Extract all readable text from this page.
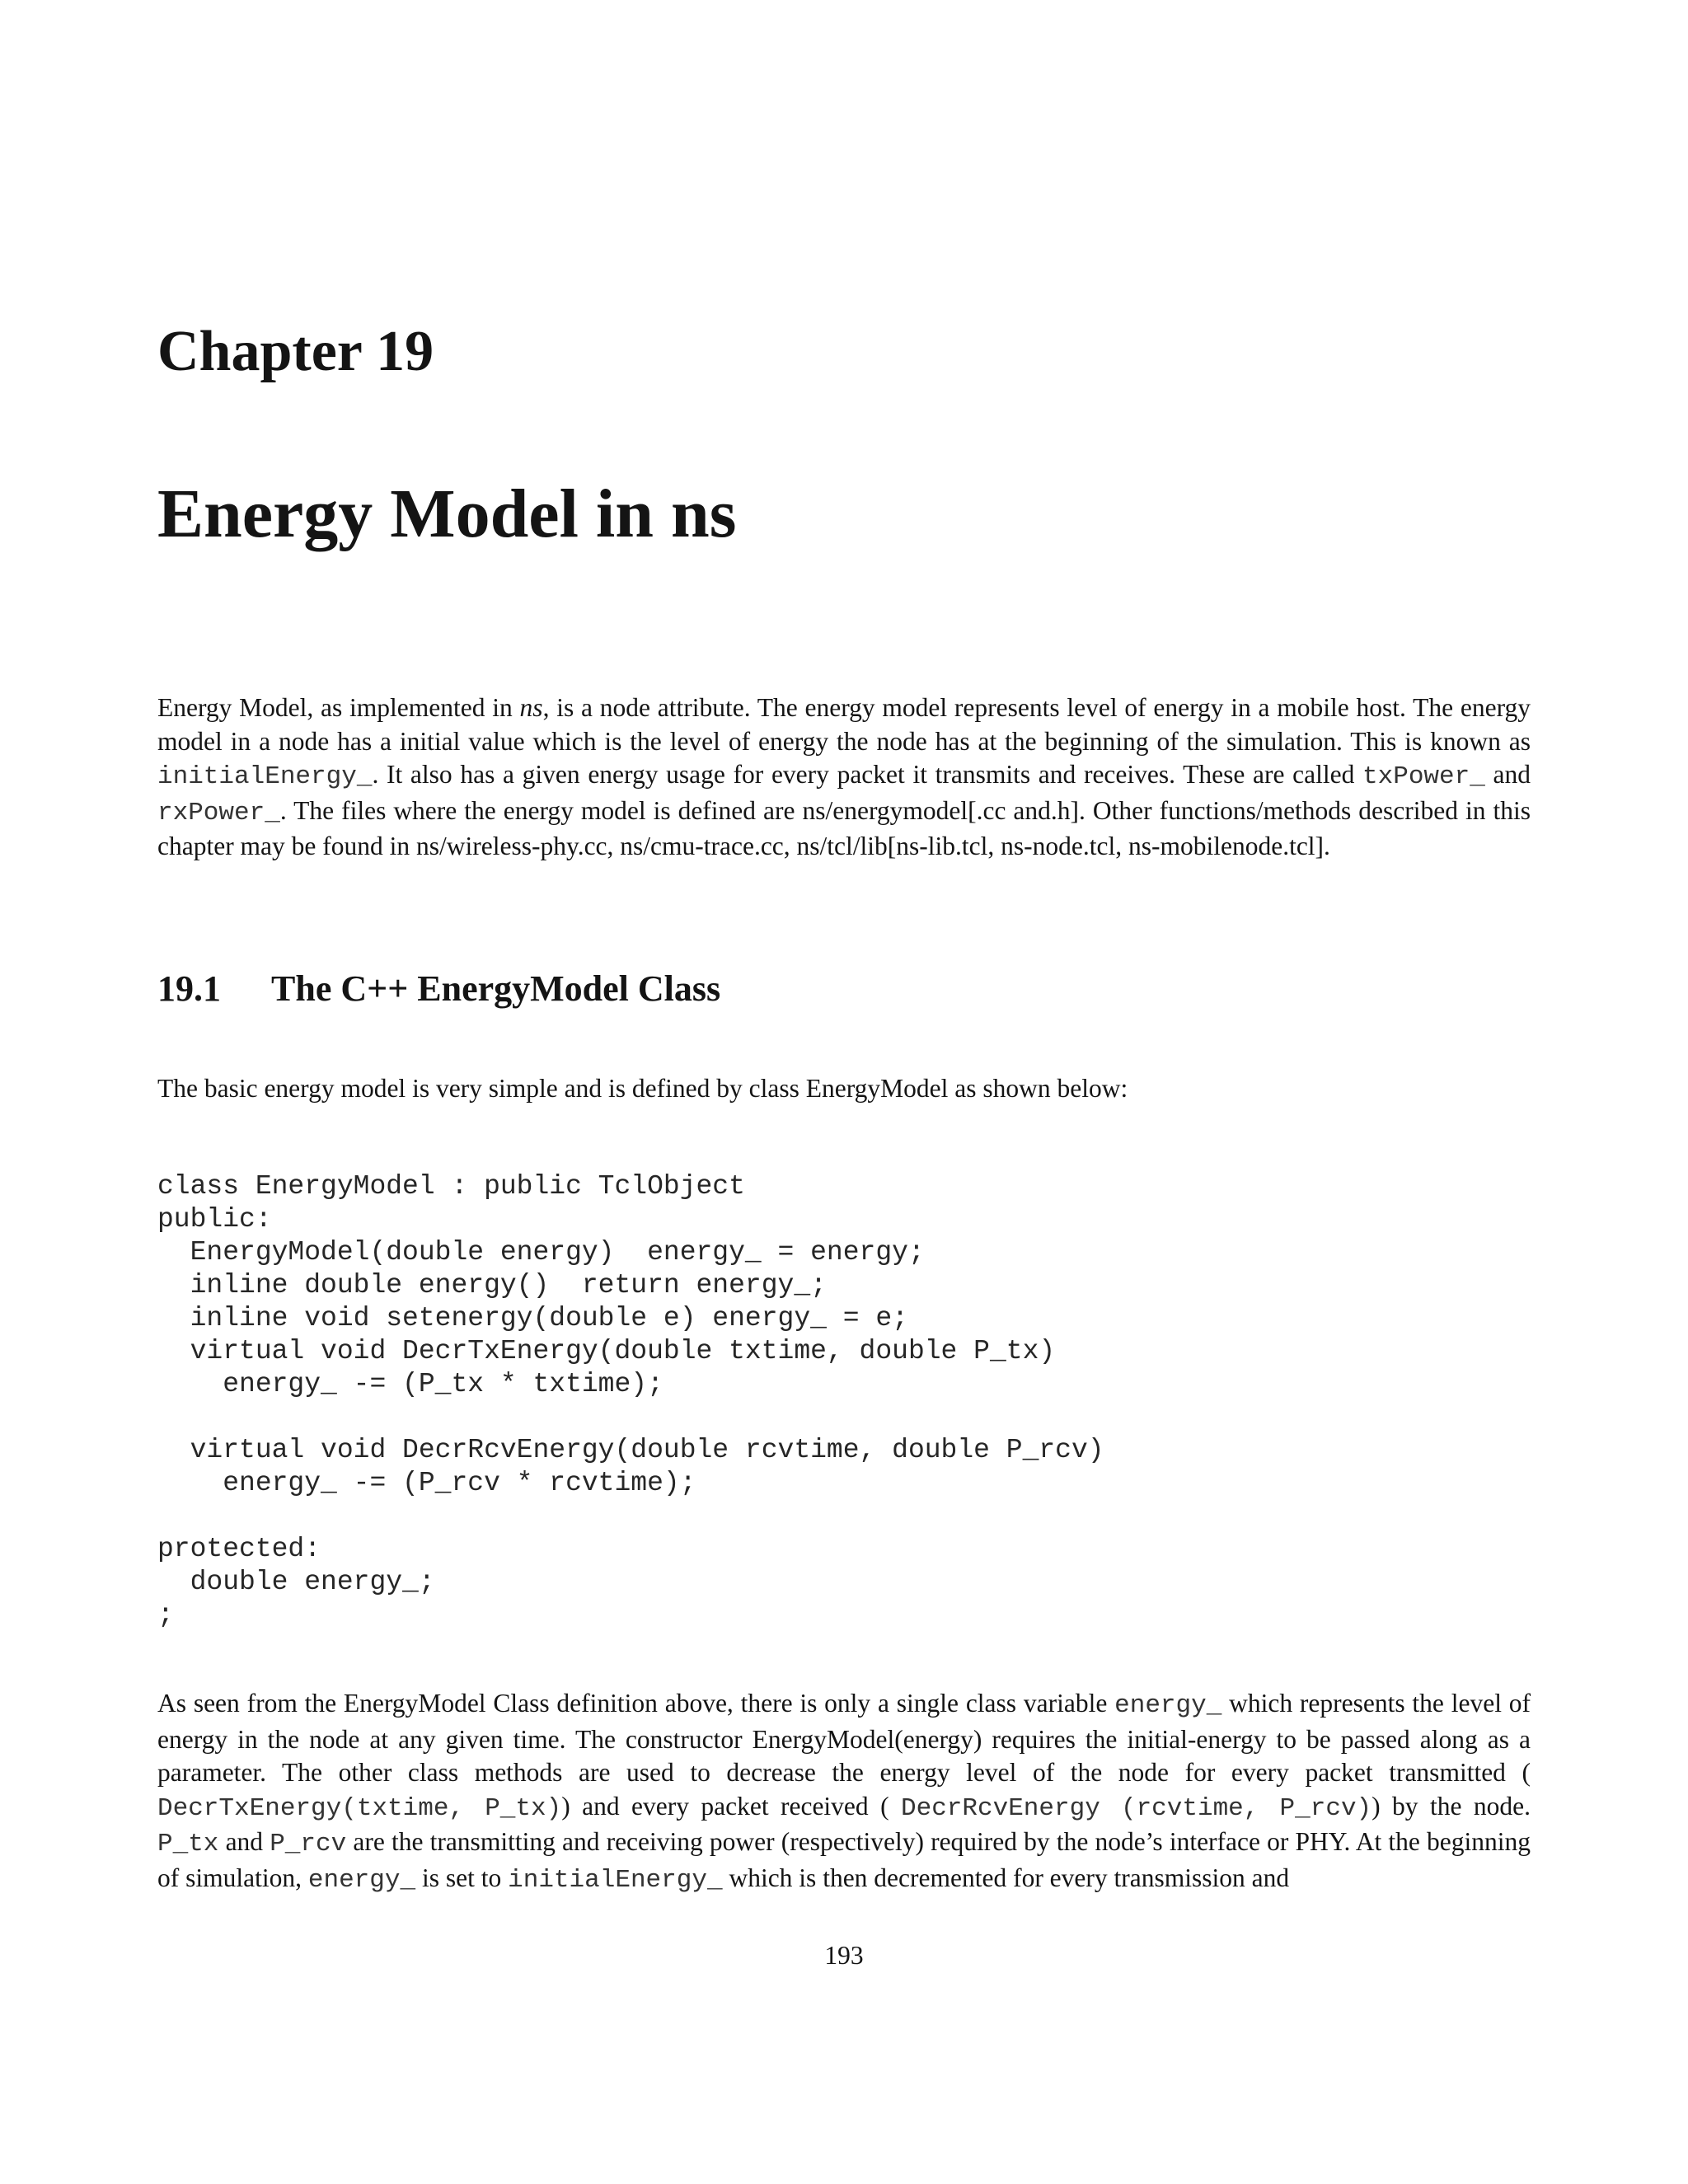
Chapter 19
Energy Model in ns

Energy Model, as implemented in ns, is a node attribute. The energy model represents level of energy in a mobile host. The energy model in a node has a initial value which is the level of energy the node has at the beginning of the simulation. This is known as initialEnergy_. It also has a given energy usage for every packet it transmits and receives. These are called txPower_ and rxPower_. The files where the energy model is defined are ns/energymodel[.cc and.h]. Other functions/methods described in this chapter may be found in ns/wireless-phy.cc, ns/cmu-trace.cc, ns/tcl/lib[ns-lib.tcl, ns-node.tcl, ns-mobilenode.tcl].

19.1 The C++ EnergyModel Class

The basic energy model is very simple and is defined by class EnergyModel as shown below:

class EnergyModel : public TclObject
public:
EnergyModel(double energy)  energy_ = energy;
inline double energy()  return energy_;
inline void setenergy(double e) energy_ = e;
virtual void DecrTxEnergy(double txtime, double P_tx)
energy_ -= (P_tx * txtime);
virtual void DecrRcvEnergy(double rcvtime, double P_rcv)
energy_ -= (P_rcv * rcvtime);
protected:
double energy_;
;

As seen from the EnergyModel Class definition above, there is only a single class variable energy_ which represents the level of energy in the node at any given time. The constructor EnergyModel(energy) requires the initial-energy to be passed along as a parameter. The other class methods are used to decrease the energy level of the node for every packet transmitted ( DecrTxEnergy(txtime, P_tx)) and every packet received ( DecrRcvEnergy (rcvtime, P_rcv)) by the node. P_tx and P_rcv are the transmitting and receiving power (respectively) required by the node’s interface or PHY. At the beginning of simulation, energy_ is set to initialEnergy_ which is then decremented for every transmission and

193
